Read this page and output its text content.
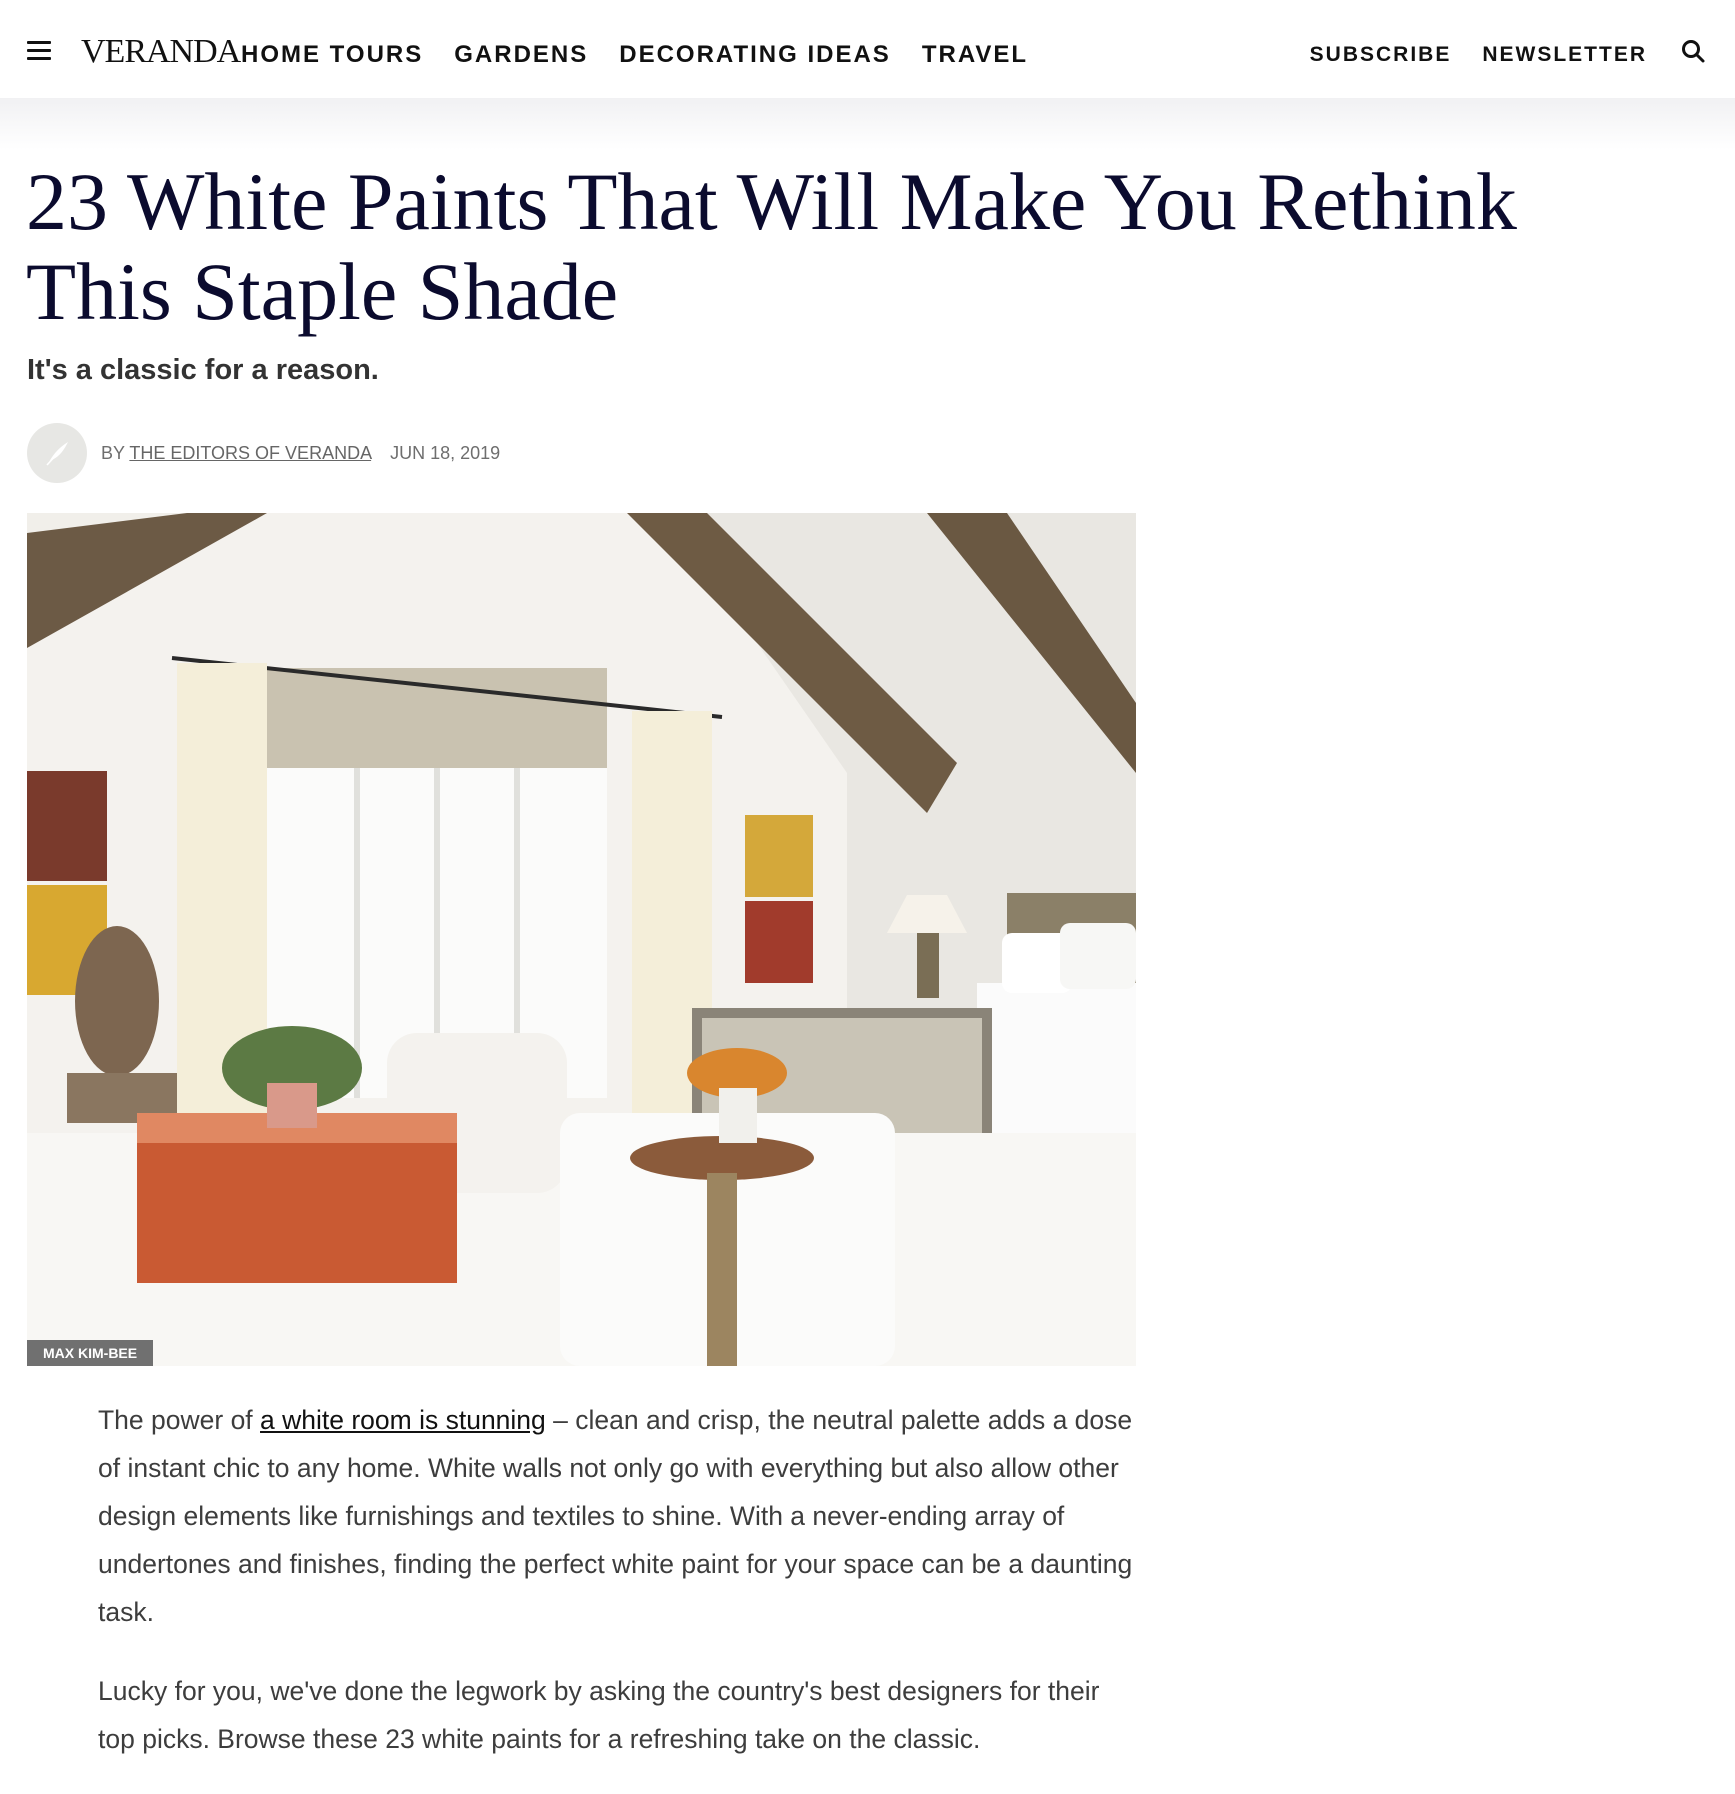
VERANDA HOME TOURS GARDENS DECORATING IDEAS TRAVEL	SUBSCRIBE NEWSLETTER
23 White Paints That Will Make You Rethink This Staple Shade
It's a classic for a reason.
BY THE EDITORS OF VERANDA JUN 18, 2019
MAX KIM-BEE

The power of a white room is stunning – clean and crisp, the neutral palette adds a dose of instant chic to any home. White walls not only go with everything but also allow other design elements like furnishings and textiles to shine. With a never-ending array of undertones and finishes, finding the perfect white paint for your space can be a daunting task.

Lucky for you, we've done the legwork by asking the country's best designers for their top picks. Browse these 23 white paints for a refreshing take on the classic.
